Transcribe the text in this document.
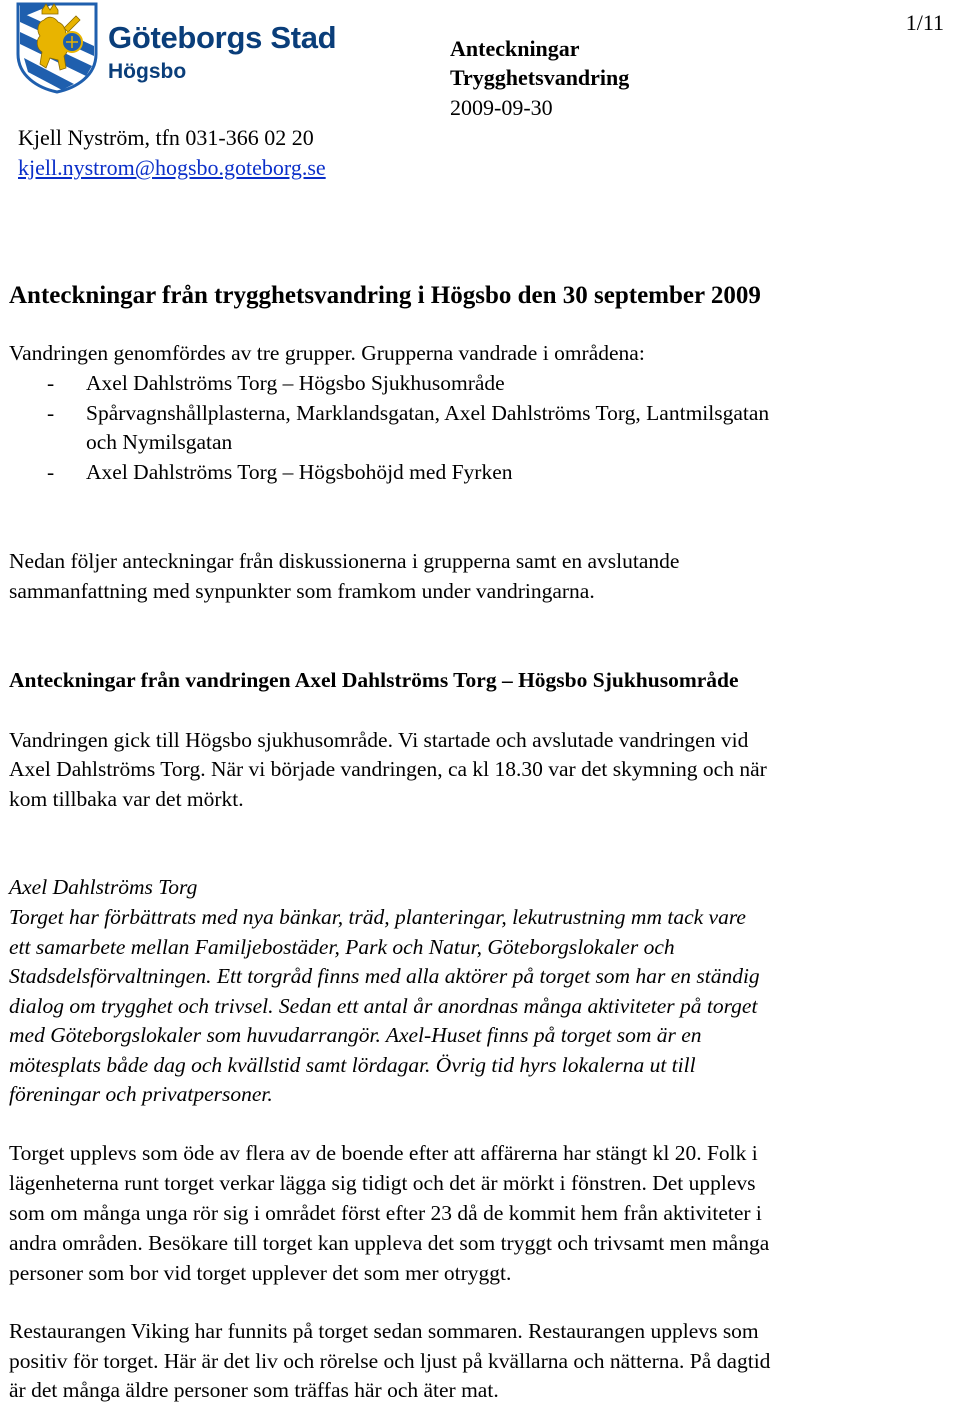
Göteborgs Stad
Högsbo
Kjell Nyström, tfn 031-366 02 20
kjell.nystrom@hogsbo.goteborg.se
Anteckningar
Trygghetsvandring
2009-09-30
1/11
Anteckningar från trygghetsvandring i Högsbo den 30 september 2009
Vandringen genomfördes av tre grupper. Grupperna vandrade i områdena:
- Axel Dahlströms Torg – Högsbo Sjukhusområde
- Spårvagnshållplasterna, Marklandsgatan, Axel Dahlströms Torg, Lantmilsgatan
och Nymilsgatan
- Axel Dahlströms Torg – Högsbohöjd med Fyrken
Nedan följer anteckningar från diskussionerna i grupperna samt en avslutande
sammanfattning med synpunkter som framkom under vandringarna.
Anteckningar från vandringen Axel Dahlströms Torg – Högsbo Sjukhusområde
Vandringen gick till Högsbo sjukhusområde. Vi startade och avslutade vandringen vid
Axel Dahlströms Torg. När vi började vandringen, ca kl 18.30 var det skymning och när
kom tillbaka var det mörkt.
Axel Dahlströms Torg
Torget har förbättrats med nya bänkar, träd, planteringar, lekutrustning mm tack vare
ett samarbete mellan Familjebostäder, Park och Natur, Göteborgslokaler och
Stadsdelsförvaltningen. Ett torgråd finns med alla aktörer på torget som har en ständig
dialog om trygghet och trivsel. Sedan ett antal år anordnas många aktiviteter på torget
med Göteborgslokaler som huvudarrangör. Axel-Huset finns på torget som är en
mötesplats både dag och kvällstid samt lördagar. Övrig tid hyrs lokalerna ut till
föreningar och privatpersoner.
Torget upplevs som öde av flera av de boende efter att affärerna har stängt kl 20. Folk i
lägenheterna runt torget verkar lägga sig tidigt och det är mörkt i fönstren. Det upplevs
som om många unga rör sig i området först efter 23 då de kommit hem från aktiviteter i
andra områden. Besökare till torget kan uppleva det som tryggt och trivsamt men många
personer som bor vid torget upplever det som mer otryggt.
Restaurangen Viking har funnits på torget sedan sommaren. Restaurangen upplevs som
positiv för torget. Här är det liv och rörelse och ljust på kvällarna och nätterna. På dagtid
är det många äldre personer som träffas här och äter mat.
